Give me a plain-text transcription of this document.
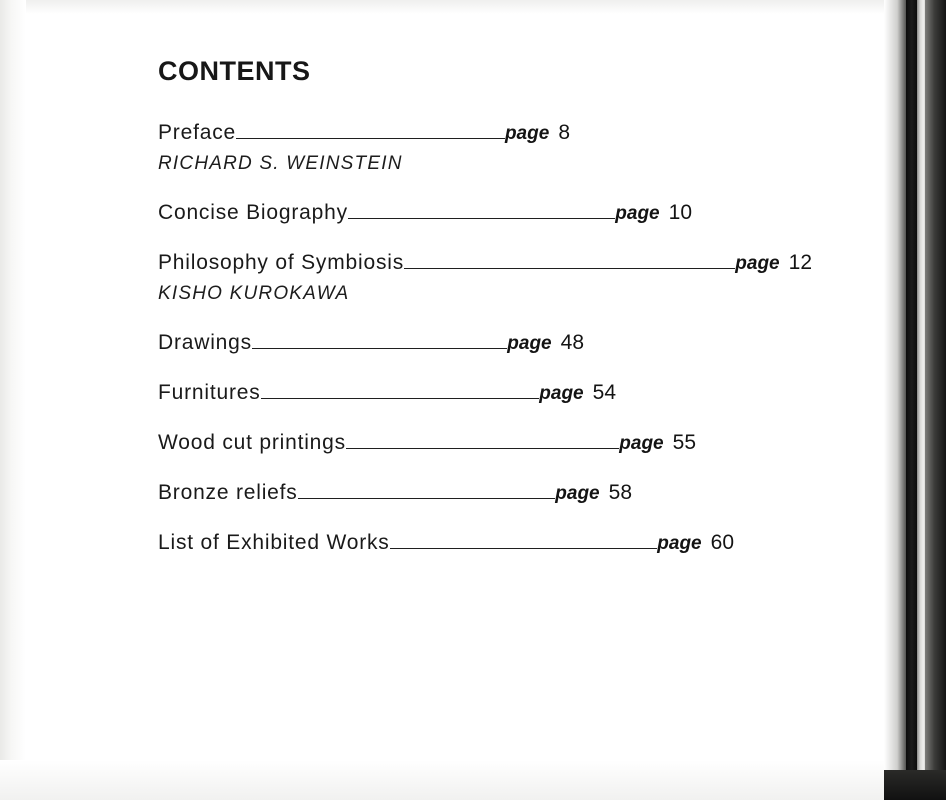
CONTENTS
Preface	page 8
RICHARD S. WEINSTEIN
Concise Biography	page 10
Philosophy of Symbiosis	page 12
KISHO KUROKAWA
Drawings	page 48
Furnitures	page 54
Wood cut printings	page 55
Bronze reliefs	page 58
List of Exhibited Works	page 60
